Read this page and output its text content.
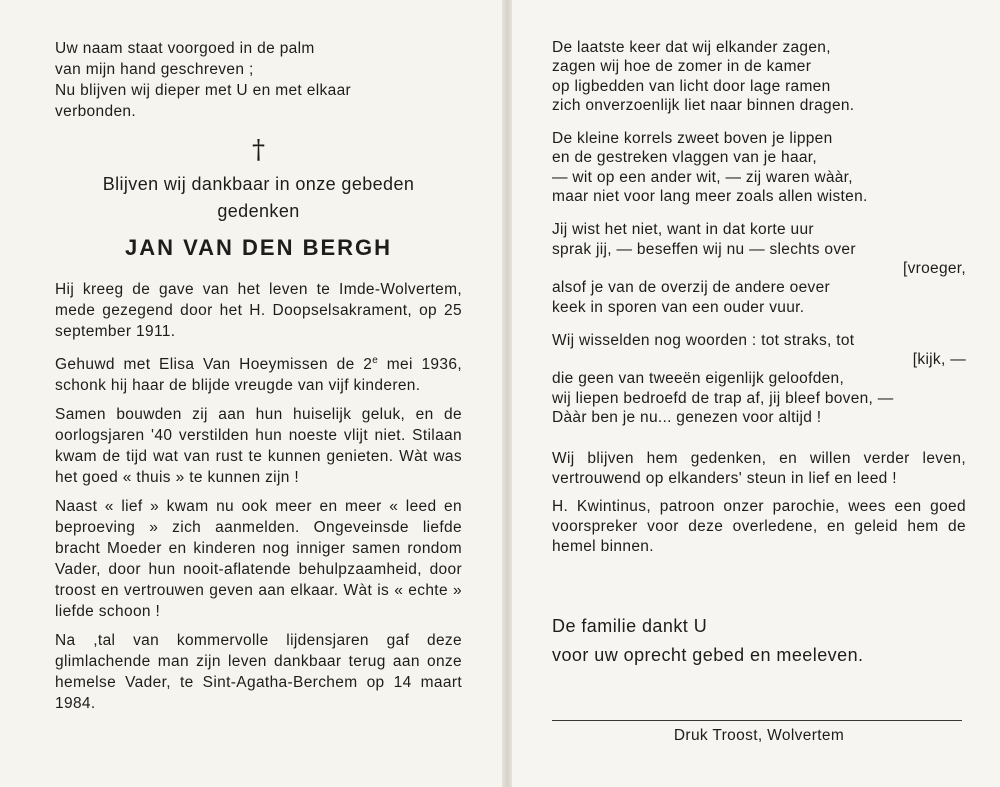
Uw naam staat voorgoed in de palm

van mijn hand geschreven ;

Nu blijven wij dieper met U en met elkaar

verbonden.

†

Blijven wij dankbaar in onze gebeden

gedenken

JAN VAN DEN BERGH

Hij kreeg de gave van het leven te Imde-Wolvertem, mede gezegend door het H. Doopselsakrament, op 25 september 1911.

Gehuwd met Elisa Van Hoeymissen de 2e mei 1936, schonk hij haar de blijde vreugde van vijf kinderen.

Samen bouwden zij aan hun huiselijk geluk, en de oorlogsjaren '40 verstilden hun noeste vlijt niet. Stilaan kwam de tijd wat van rust te kunnen genieten. Wàt was het goed « thuis » te kunnen zijn !

Naast « lief » kwam nu ook meer en meer « leed en beproeving » zich aanmelden. Ongeveinsde liefde bracht Moeder en kinderen nog inniger samen rondom Vader, door hun nooit-aflatende behulpzaamheid, door troost en vertrouwen geven aan elkaar. Wàt is « echte » liefde schoon !

Na ,tal van kommervolle lijdensjaren gaf deze glimlachende man zijn leven dankbaar terug aan onze hemelse Vader, te Sint-Agatha-Berchem op 14 maart 1984.

De laatste keer dat wij elkander zagen,
zagen wij hoe de zomer in de kamer
op ligbedden van licht door lage ramen
zich onverzoenlijk liet naar binnen dragen.
De kleine korrels zweet boven je lippen
en de gestreken vlaggen van je haar,
— wit op een ander wit, — zij waren wààr,
maar niet voor lang meer zoals allen wisten.
Jij wist het niet, want in dat korte uur
sprak jij, — beseffen wij nu — slechts over
[vroeger,
alsof je van de overzij de andere oever
keek in sporen van een ouder vuur.
Wij wisselden nog woorden : tot straks, tot
[kijk, —
die geen van tweeën eigenlijk geloofden,
wij liepen bedroefd de trap af, jij bleef boven, —
Dààr ben je nu... genezen voor altijd !

Wij blijven hem gedenken, en willen verder leven, vertrouwend op elkanders' steun in lief en leed !

H. Kwintinus, patroon onzer parochie, wees een goed voorspreker voor deze overledene, en geleid hem de hemel binnen.

De familie dankt U

voor uw oprecht gebed en meeleven.

Druk Troost, Wolvertem
